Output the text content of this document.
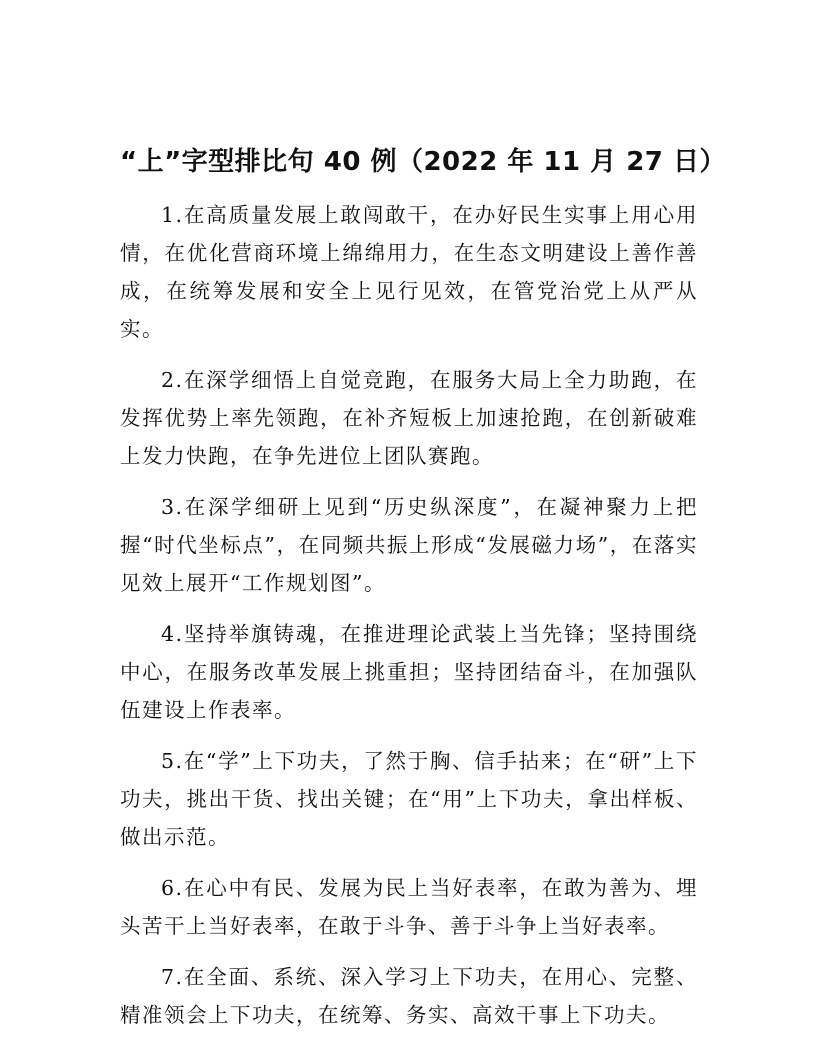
“上”字型排比句 40 例（2022 年 11 月 27 日）

1.在高质量发展上敢闯敢干，在办好民生实事上用心用情，在优化营商环境上绵绵用力，在生态文明建设上善作善成，在统筹发展和安全上见行见效，在管党治党上从严从实。

2.在深学细悟上自觉竞跑，在服务大局上全力助跑，在发挥优势上率先领跑，在补齐短板上加速抢跑，在创新破难上发力快跑，在争先进位上团队赛跑。

3.在深学细研上见到“历史纵深度”，在凝神聚力上把握“时代坐标点”，在同频共振上形成“发展磁力场”，在落实见效上展开“工作规划图”。

4.坚持举旗铸魂，在推进理论武装上当先锋；坚持围绕中心，在服务改革发展上挑重担；坚持团结奋斗，在加强队伍建设上作表率。

5.在“学”上下功夫，了然于胸、信手拈来；在“研”上下功夫，挑出干货、找出关键；在“用”上下功夫，拿出样板、做出示范。

6.在心中有民、发展为民上当好表率，在敢为善为、埋头苦干上当好表率，在敢于斗争、善于斗争上当好表率。

7.在全面、系统、深入学习上下功夫，在用心、完整、精准领会上下功夫，在统筹、务实、高效干事上下功夫。
